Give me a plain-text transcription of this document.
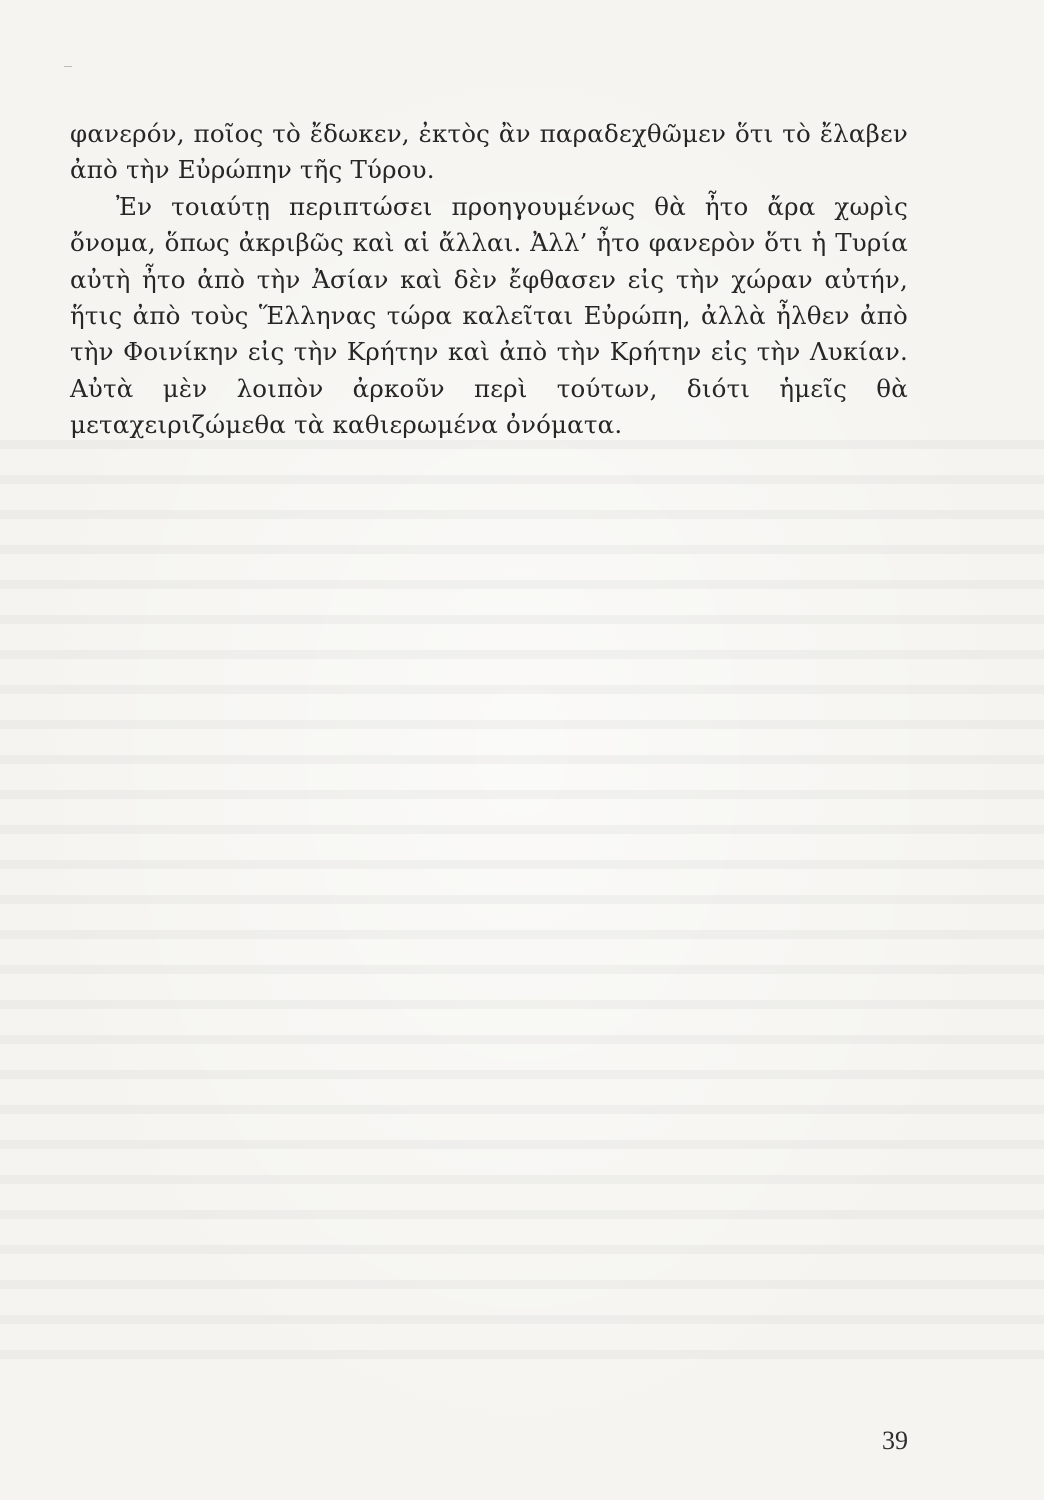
φανερόν, ποῖος τὸ ἔδωκεν, ἐκτὸς ἂν παραδεχθῶμεν ὅτι τὸ ἔλαβεν ἀπὸ τὴν Εὐρώπην τῆς Τύρου.

Ἐν τοιαύτῃ περιπτώσει προηγουμένως θὰ ἦτο ἄρα χωρὶς ὄνομα, ὅπως ἀκριβῶς καὶ αἱ ἄλλαι. Ἀλλ’ ἦτο φανερὸν ὅτι ἡ Τυρία αὐτὴ ἦτο ἀπὸ τὴν Ἀσίαν καὶ δὲν ἔφθασεν εἰς τὴν χώραν αὐτήν, ἥτις ἀπὸ τοὺς Ἕλληνας τώρα καλεῖται Εὐρώπη, ἀλλὰ ἦλθεν ἀπὸ τὴν Φοινίκην εἰς τὴν Κρήτην καὶ ἀπὸ τὴν Κρήτην εἰς τὴν Λυκίαν. Αὐτὰ μὲν λοιπὸν ἀρκοῦν περὶ τούτων, διότι ἡμεῖς θὰ μεταχειριζώμεθα τὰ καθιερωμένα ὀνόματα.

39
